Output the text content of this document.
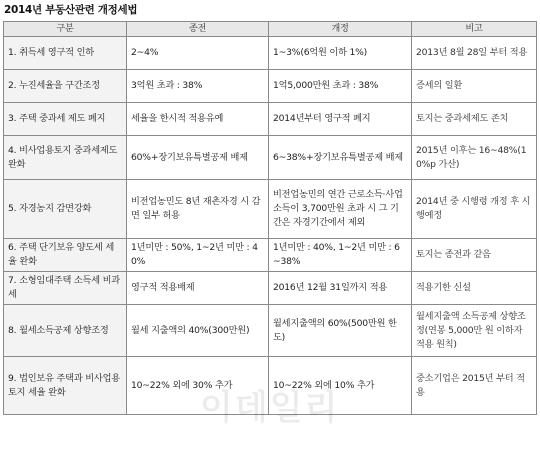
2014년 부동산관련 개정세법
구분	종전	개정	비고
1. 취득세 영구적 인하	2~4%	1~3%(6억원 이하 1%)	2013년 8월 28일 부터 적용
2. 누진세율을 구간조정	3억원 초과 : 38%	1억5,000만원 초과 : 38%	증세의 일환
3. 주택 중과세 제도 폐지	세율을 한시적 적용유예	2014년부터 영구적 폐지	토지는 중과세제도 존치
4. 비사업용토지 중과세제도 완화	60%+장기보유특별공제 배제	6~38%+장기보유특별공제 배제	2015년 이후는 16~48%(10%p 가산)
5. 자경농지 감면강화	비전업농민도 8년 재촌자경 시 감면 일부 허용	비전업농민의 연간 근로소득·사업소득이 3,700만원 초과 시 그 기간은 자경기간에서 제외	2014년 중 시행령 개정 후 시행예정
6. 주택 단기보유 양도세 세율 완화	1년미만 : 50%, 1~2년 미만 : 40%	1년미만 : 40%, 1~2년 미만 : 6~38%	토지는 종전과 같음
7. 소형임대주택 소득세 비과세	영구적 적용배제	2016년 12월 31일까지 적용	적용기한 신설
8. 월세소득공제 상향조정	월세 지출액의 40%(300만원)	월세지출액의 60%(500만원 한도)	월세지출액 소득공제 상향조정(연봉 5,000만 원 이하자 적용 원칙)
9. 법인보유 주택과 비사업용토지 세율 완화	10~22% 외에 30% 추가	10~22% 외에 10% 추가	중소기업은 2015년 부터 적용
이데일리
